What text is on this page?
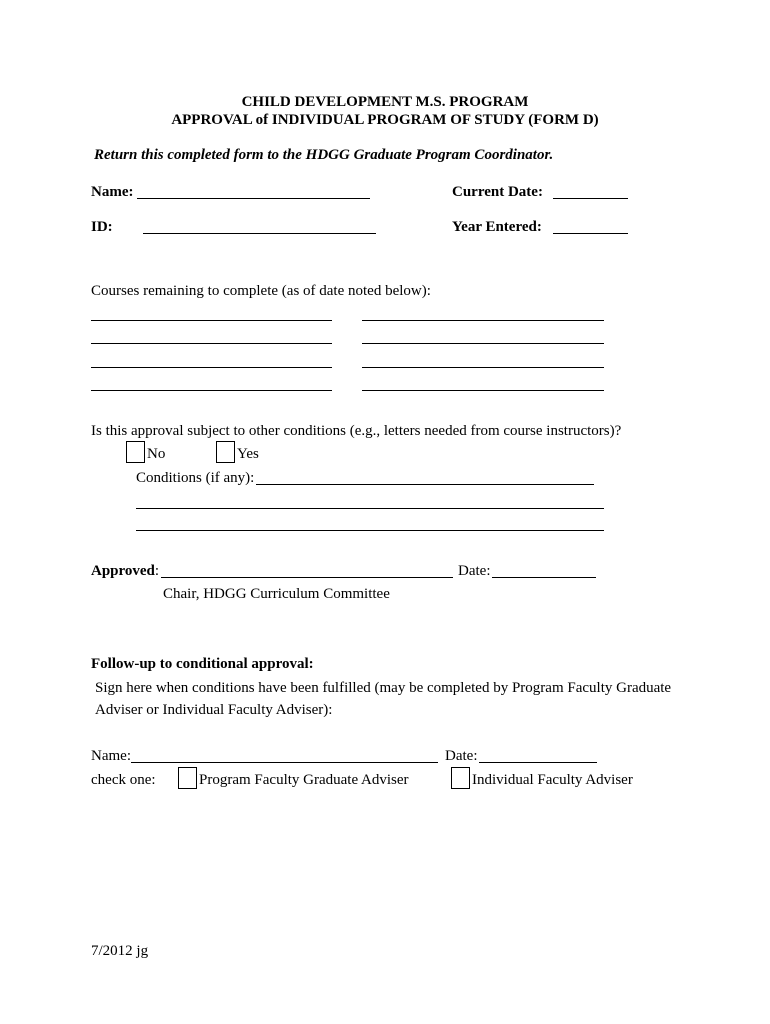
CHILD DEVELOPMENT M.S. PROGRAM
APPROVAL of INDIVIDUAL PROGRAM OF STUDY (FORM D)
Return this completed form to the HDGG Graduate Program Coordinator.
Name:	Current Date:
ID:	Year Entered:
Courses remaining to complete (as of date noted below):
Is this approval subject to other conditions (e.g., letters needed from course instructors)?
No	Yes
Conditions (if any):
Approved:	Date:
Chair, HDGG Curriculum Committee
Follow-up to conditional approval:
Sign here when conditions have been fulfilled (may be completed by Program Faculty Graduate
Adviser or Individual Faculty Adviser):
Name:	Date:
check one:	Program Faculty Graduate Adviser	Individual Faculty Adviser
7/2012 jg
